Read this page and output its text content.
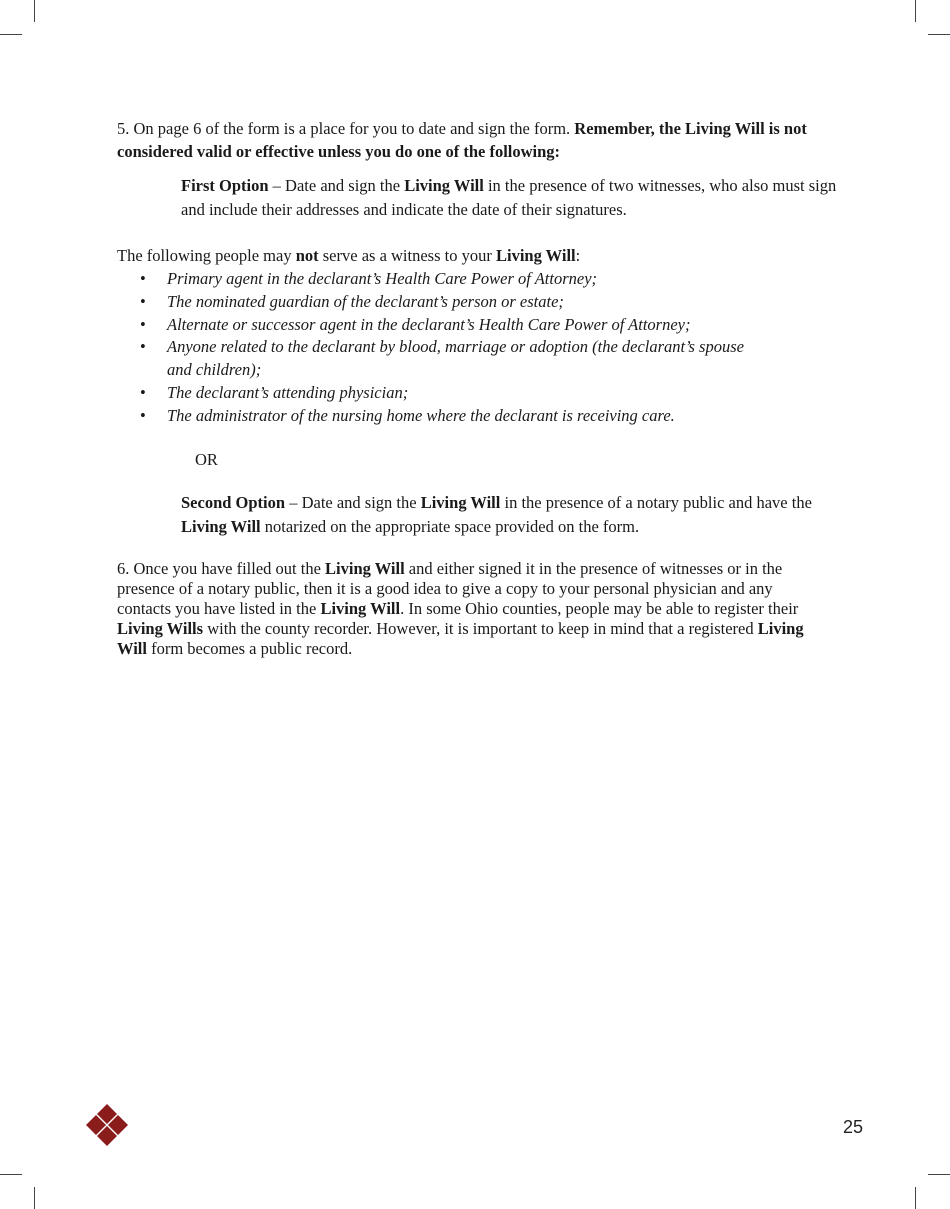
5. On page 6 of the form is a place for you to date and sign the form. Remember, the Living Will is not considered valid or effective unless you do one of the following:

First Option – Date and sign the Living Will in the presence of two witnesses, who also must sign and include their addresses and indicate the date of their signatures.

The following people may not serve as a witness to your Living Will:

• Primary agent in the declarant’s Health Care Power of Attorney;
• The nominated guardian of the declarant’s person or estate;
• Alternate or successor agent in the declarant’s Health Care Power of Attorney;
• Anyone related to the declarant by blood, marriage or adoption (the declarant’s spouse and children);
• The declarant’s attending physician;
• The administrator of the nursing home where the declarant is receiving care.
OR

Second Option – Date and sign the Living Will in the presence of a notary public and have the Living Will notarized on the appropriate space provided on the form.

6. Once you have filled out the Living Will and either signed it in the presence of witnesses or in the presence of a notary public, then it is a good idea to give a copy to your personal physician and any contacts you have listed in the Living Will. In some Ohio counties, people may be able to register their Living Wills with the county recorder. However, it is important to keep in mind that a registered Living Will form becomes a public record.

25
